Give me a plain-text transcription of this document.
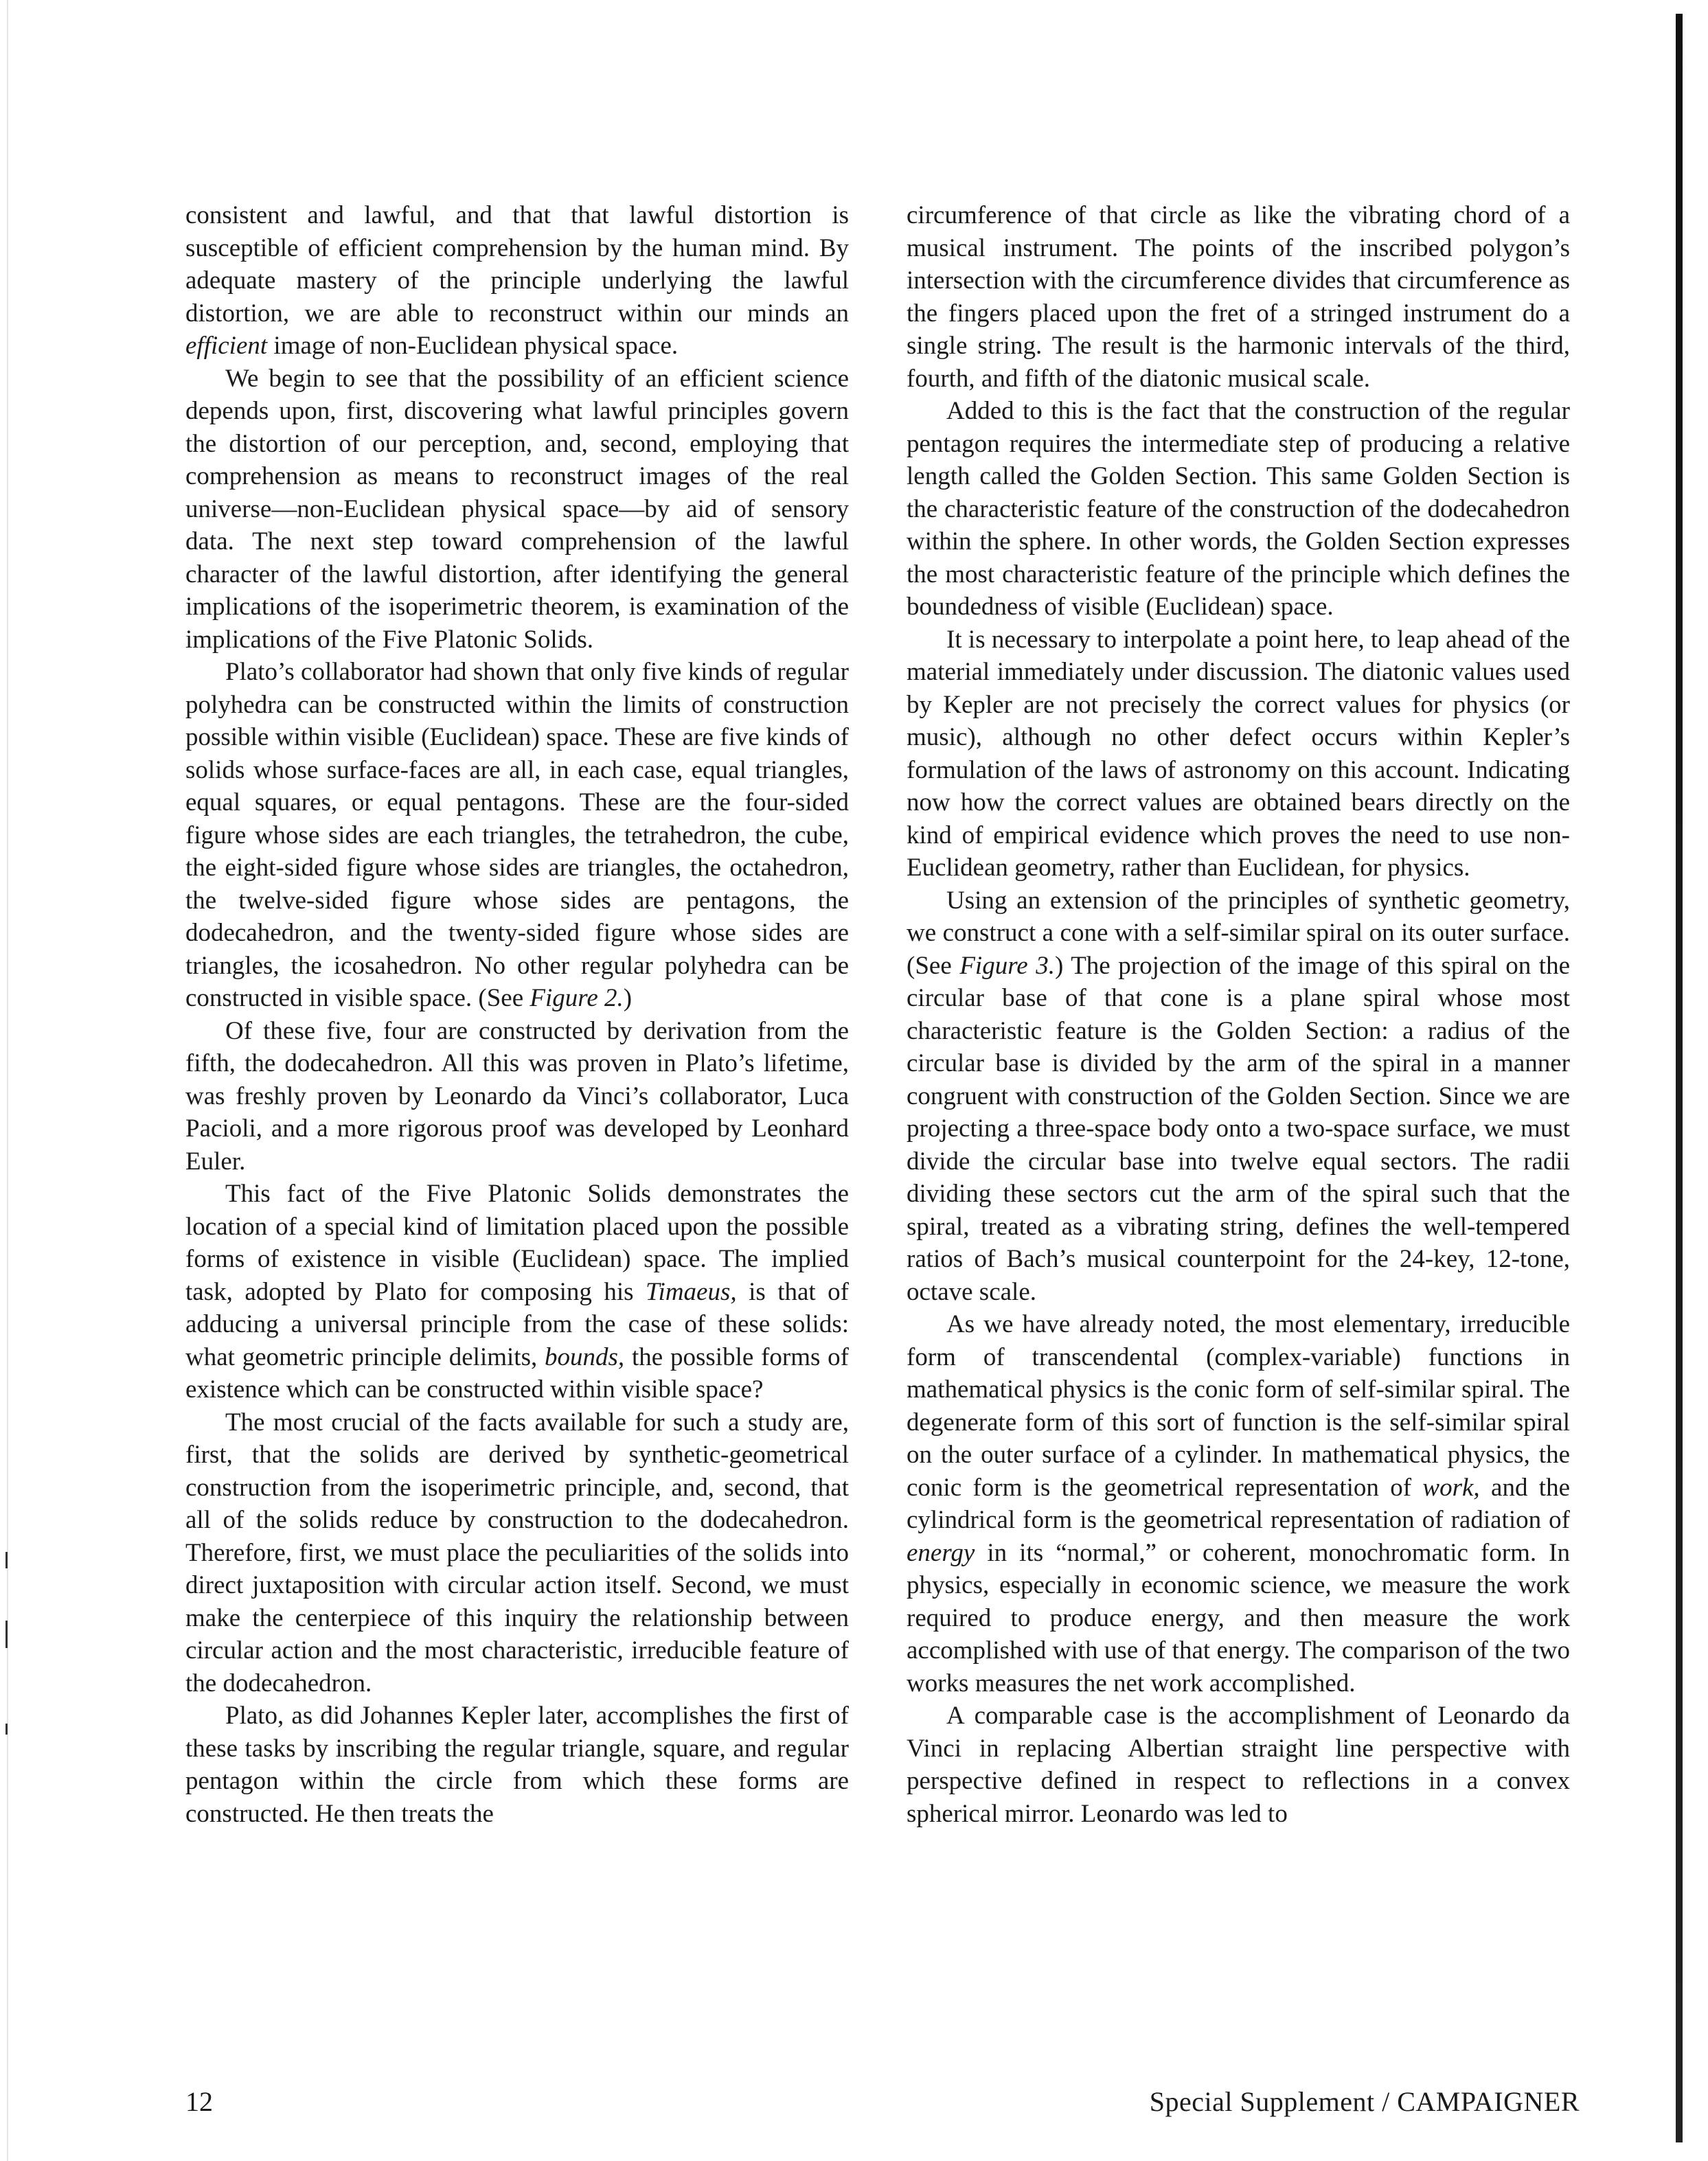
consistent and lawful, and that that lawful distortion is susceptible of efficient comprehension by the human mind. By adequate mastery of the principle underlying the lawful distortion, we are able to reconstruct within our minds an efficient image of non-Euclidean physical space.

We begin to see that the possibility of an efficient science depends upon, first, discovering what lawful principles govern the distortion of our perception, and, second, employing that comprehension as means to reconstruct images of the real universe—non-Euclidean physical space—by aid of sensory data. The next step toward comprehension of the lawful character of the lawful distortion, after identifying the general implications of the isoperimetric theorem, is examination of the implications of the Five Platonic Solids.

Plato’s collaborator had shown that only five kinds of regular polyhedra can be constructed within the limits of construction possible within visible (Euclidean) space. These are five kinds of solids whose surface-faces are all, in each case, equal triangles, equal squares, or equal pentagons. These are the four-sided figure whose sides are each triangles, the tetrahedron, the cube, the eight-sided figure whose sides are triangles, the octahedron, the twelve-sided figure whose sides are pentagons, the dodecahedron, and the twenty-sided figure whose sides are triangles, the icosahedron. No other regular polyhedra can be constructed in visible space. (See Figure 2.)

Of these five, four are constructed by derivation from the fifth, the dodecahedron. All this was proven in Plato’s lifetime, was freshly proven by Leonardo da Vinci’s collaborator, Luca Pacioli, and a more rigorous proof was developed by Leonhard Euler.

This fact of the Five Platonic Solids demonstrates the location of a special kind of limitation placed upon the possible forms of existence in visible (Euclidean) space. The implied task, adopted by Plato for composing his Timaeus, is that of adducing a universal principle from the case of these solids: what geometric principle delimits, bounds, the possible forms of existence which can be constructed within visible space?

The most crucial of the facts available for such a study are, first, that the solids are derived by synthetic-geometrical construction from the isoperimetric principle, and, second, that all of the solids reduce by construction to the dodecahedron. Therefore, first, we must place the peculiarities of the solids into direct juxtaposition with circular action itself. Second, we must make the centerpiece of this inquiry the relationship between circular action and the most characteristic, irreducible feature of the dodecahedron.

Plato, as did Johannes Kepler later, accomplishes the first of these tasks by inscribing the regular triangle, square, and regular pentagon within the circle from which these forms are constructed. He then treats the

circumference of that circle as like the vibrating chord of a musical instrument. The points of the inscribed polygon’s intersection with the circumference divides that circumference as the fingers placed upon the fret of a stringed instrument do a single string. The result is the harmonic intervals of the third, fourth, and fifth of the diatonic musical scale.

Added to this is the fact that the construction of the regular pentagon requires the intermediate step of producing a relative length called the Golden Section. This same Golden Section is the characteristic feature of the construction of the dodecahedron within the sphere. In other words, the Golden Section expresses the most characteristic feature of the principle which defines the boundedness of visible (Euclidean) space.

It is necessary to interpolate a point here, to leap ahead of the material immediately under discussion. The diatonic values used by Kepler are not precisely the correct values for physics (or music), although no other defect occurs within Kepler’s formulation of the laws of astronomy on this account. Indicating now how the correct values are obtained bears directly on the kind of empirical evidence which proves the need to use non-Euclidean geometry, rather than Euclidean, for physics.

Using an extension of the principles of synthetic geometry, we construct a cone with a self-similar spiral on its outer surface. (See Figure 3.) The projection of the image of this spiral on the circular base of that cone is a plane spiral whose most characteristic feature is the Golden Section: a radius of the circular base is divided by the arm of the spiral in a manner congruent with construction of the Golden Section. Since we are projecting a three-space body onto a two-space surface, we must divide the circular base into twelve equal sectors. The radii dividing these sectors cut the arm of the spiral such that the spiral, treated as a vibrating string, defines the well-tempered ratios of Bach’s musical counterpoint for the 24-key, 12-tone, octave scale.

As we have already noted, the most elementary, irreducible form of transcendental (complex-variable) functions in mathematical physics is the conic form of self-similar spiral. The degenerate form of this sort of function is the self-similar spiral on the outer surface of a cylinder. In mathematical physics, the conic form is the geometrical representation of work, and the cylindrical form is the geometrical representation of radiation of energy in its “normal,” or coherent, monochromatic form. In physics, especially in economic science, we measure the work required to produce energy, and then measure the work accomplished with use of that energy. The comparison of the two works measures the net work accomplished.

A comparable case is the accomplishment of Leonardo da Vinci in replacing Albertian straight line perspective with perspective defined in respect to reflections in a convex spherical mirror. Leonardo was led to

12	Special Supplement / CAMPAIGNER
